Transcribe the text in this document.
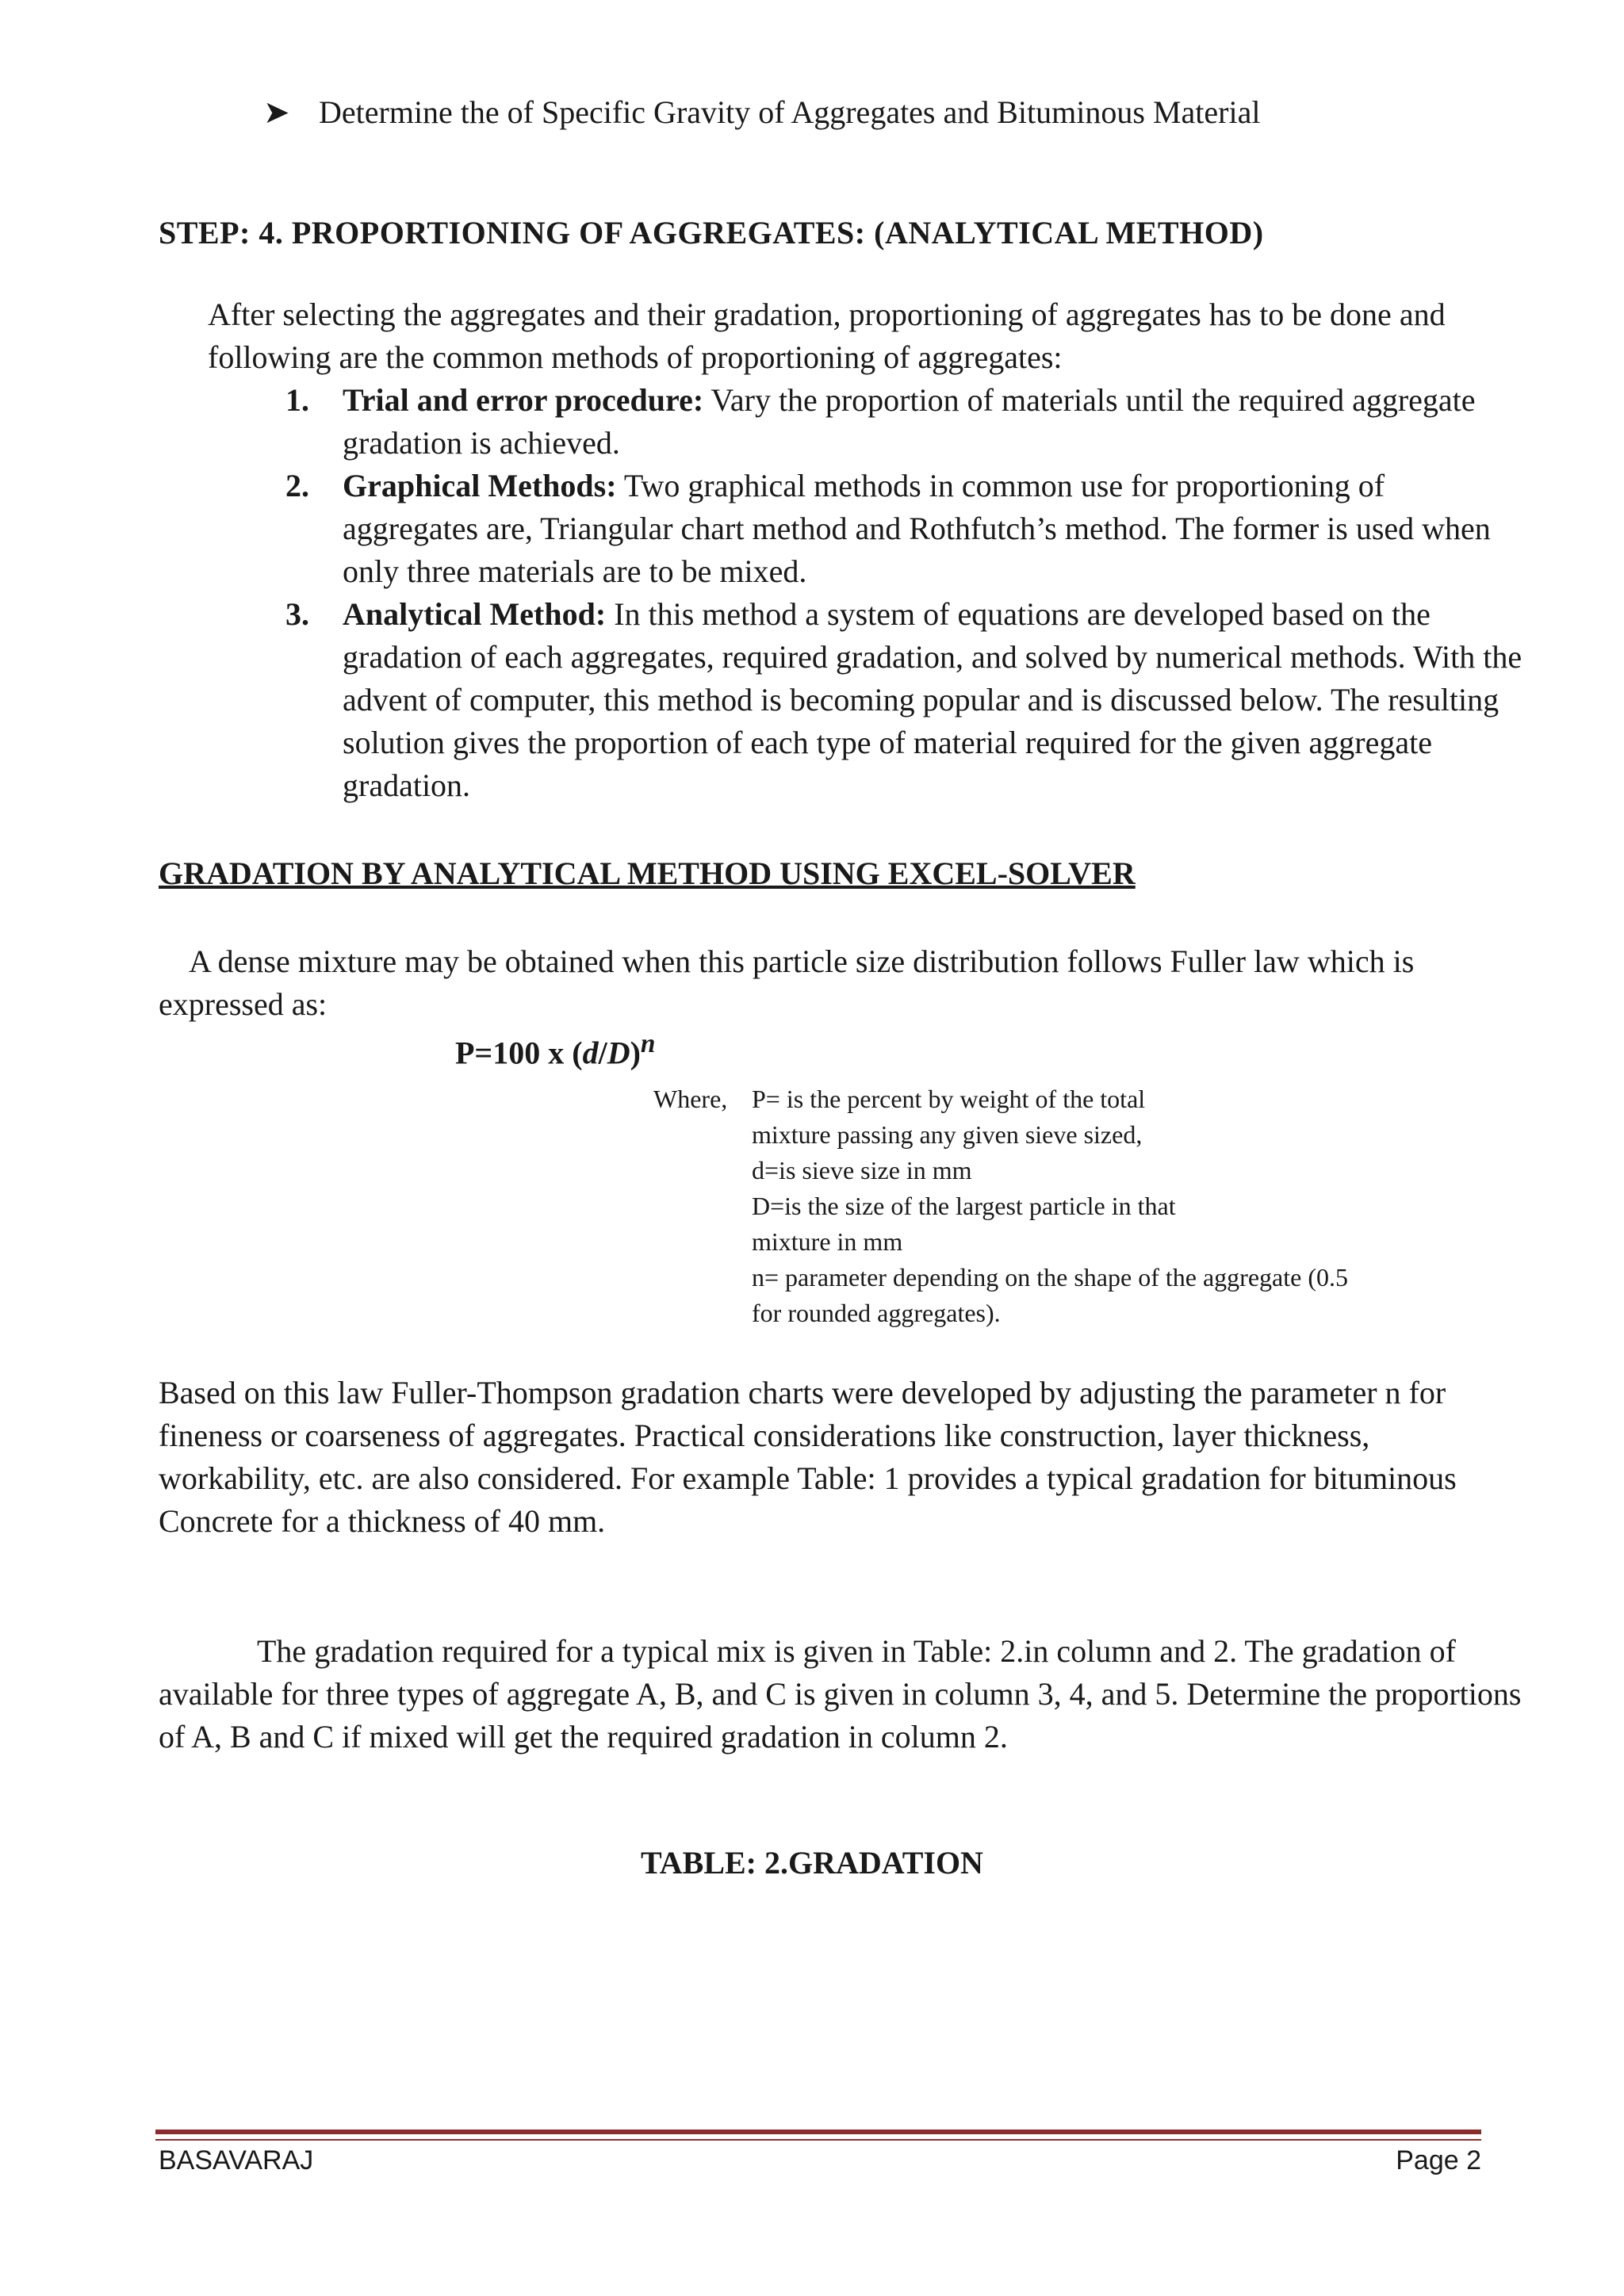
➤ Determine the of Specific Gravity of Aggregates and Bituminous Material
STEP: 4. PROPORTIONING OF AGGREGATES: (ANALYTICAL METHOD)
After selecting the aggregates and their gradation, proportioning of aggregates has to be done and following are the common methods of proportioning of aggregates:
1. Trial and error procedure: Vary the proportion of materials until the required aggregate gradation is achieved.
2. Graphical Methods: Two graphical methods in common use for proportioning of aggregates are, Triangular chart method and Rothfutch’s method. The former is used when only three materials are to be mixed.
3. Analytical Method: In this method a system of equations are developed based on the gradation of each aggregates, required gradation, and solved by numerical methods. With the advent of computer, this method is becoming popular and is discussed below. The resulting solution gives the proportion of each type of material required for the given aggregate gradation.
GRADATION BY ANALYTICAL METHOD USING EXCEL-SOLVER
A dense mixture may be obtained when this particle size distribution follows Fuller law which is expressed as:
P=100 x $(d/D)^n$
Where, P= is the percent by weight of the total
mixture passing any given sieve sized,
d=is sieve size in mm
D=is the size of the largest particle in that
mixture in mm
n= parameter depending on the shape of the aggregate (0.5
for rounded aggregates).
Based on this law Fuller-Thompson gradation charts were developed by adjusting the parameter n for fineness or coarseness of aggregates. Practical considerations like construction, layer thickness, workability, etc. are also considered. For example Table: 1 provides a typical gradation for bituminous
Concrete for a thickness of 40 mm.
The gradation required for a typical mix is given in Table: 2.in column and 2. The gradation of available for three types of aggregate A, B, and C is given in column 3, 4, and 5. Determine the proportions of A, B and C if mixed will get the required gradation in column 2.
TABLE: 2.GRADATION
BASAVARAJ	Page 2
